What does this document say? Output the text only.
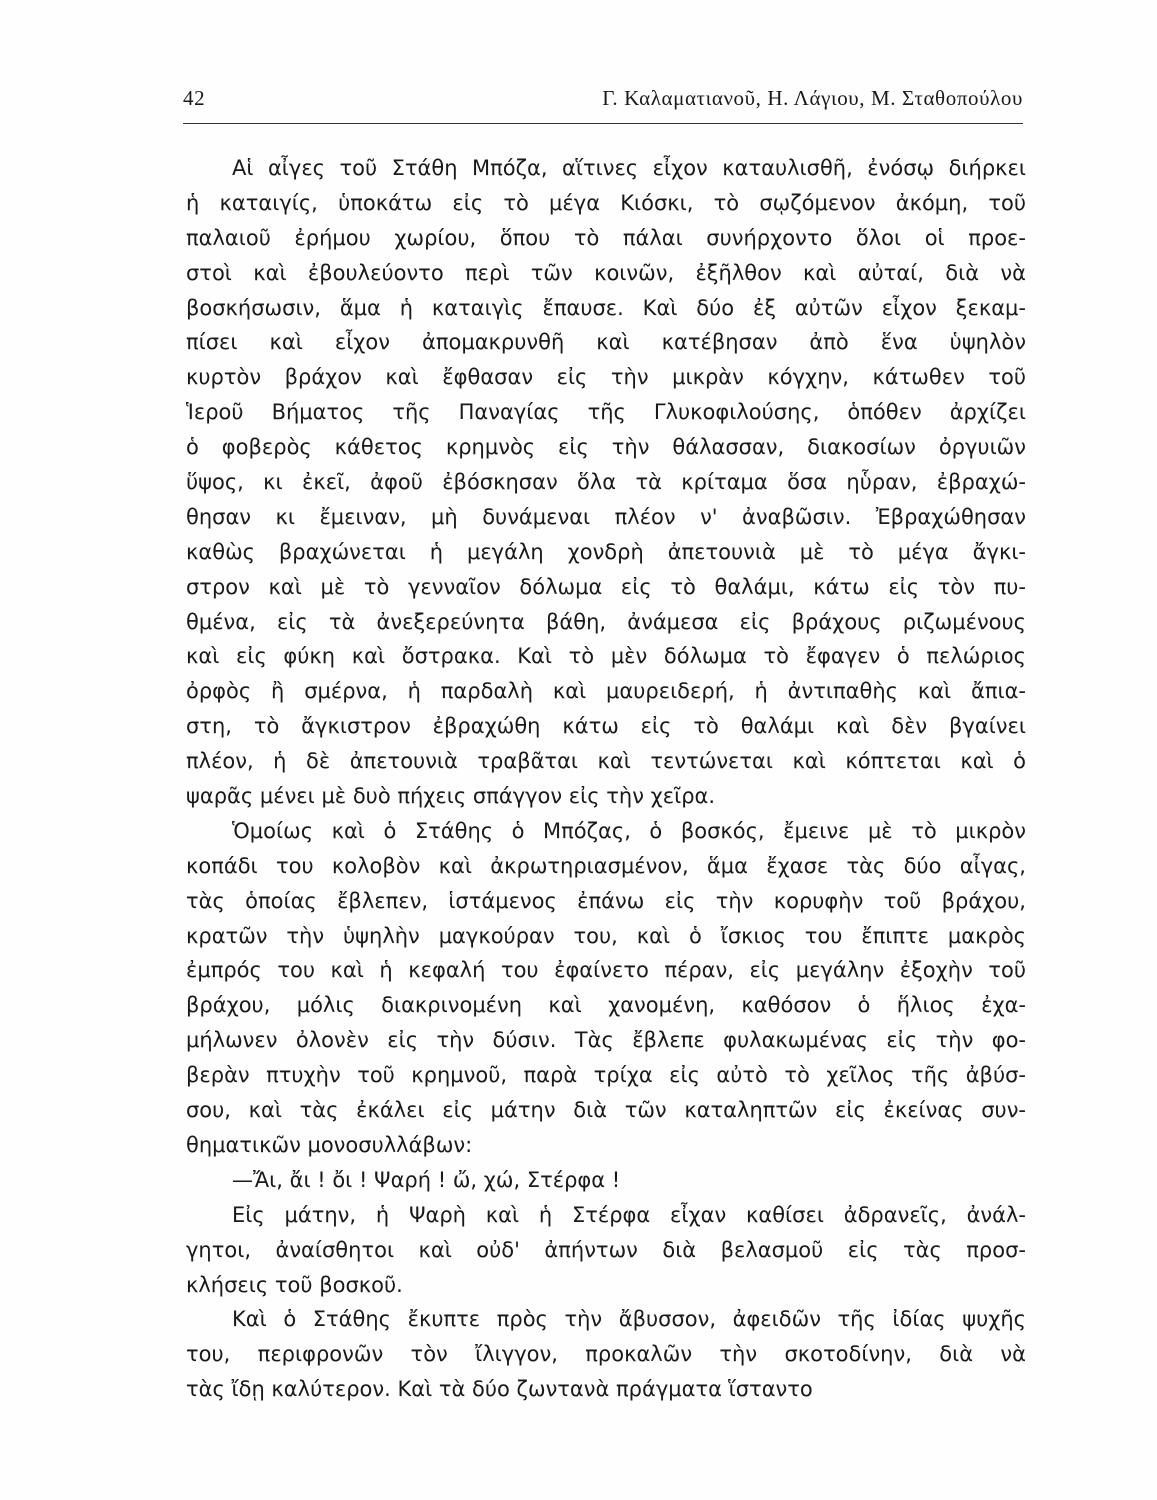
42	Γ. Καλαματιανοῦ, Η. Λάγιου, Μ. Σταθοπούλου
Αἱ αἶγες τοῦ Στάθη Μπόζα, αἵτινες εἶχον καταυλισθῆ, ἐνόσῳ διήρκει
ἡ καταιγίς, ὑποκάτω εἰς τὸ μέγα Κιόσκι, τὸ σῳζόμενον ἀκόμη, τοῦ
παλαιοῦ ἐρήμου χωρίου, ὅπου τὸ πάλαι συνήρχοντο ὅλοι οἱ προε-
στοὶ καὶ ἐβουλεύοντο περὶ τῶν κοινῶν, ἐξῆλθον καὶ αὐταί, διὰ νὰ
βοσκήσωσιν, ἅμα ἡ καταιγὶς ἔπαυσε. Καὶ δύο ἐξ αὐτῶν εἶχον ξεκαμ-
πίσει καὶ εἶχον ἀπομακρυνθῆ καὶ κατέβησαν ἀπὸ ἕνα ὑψηλὸν
κυρτὸν βράχον καὶ ἔφθασαν εἰς τὴν μικρὰν κόγχην, κάτωθεν τοῦ
Ἱεροῦ Βήματος τῆς Παναγίας τῆς Γλυκοφιλούσης, ὁπόθεν ἀρχίζει
ὁ φοβερὸς κάθετος κρημνὸς εἰς τὴν θάλασσαν, διακοσίων ὀργυιῶν
ὕψος, κι ἐκεῖ, ἀφοῦ ἐβόσκησαν ὅλα τὰ κρίταμα ὅσα ηὗραν, ἐβραχώ-
θησαν κι ἔμειναν, μὴ δυνάμεναι πλέον ν' ἀναβῶσιν. Ἐβραχώθησαν
καθὼς βραχώνεται ἡ μεγάλη χονδρὴ ἀπετουνιὰ μὲ τὸ μέγα ἄγκι-
στρον καὶ μὲ τὸ γενναῖον δόλωμα εἰς τὸ θαλάμι, κάτω εἰς τὸν πυ-
θμένα, εἰς τὰ ἀνεξερεύνητα βάθη, ἀνάμεσα εἰς βράχους ριζωμένους
καὶ εἰς φύκη καὶ ὄστρακα. Καὶ τὸ μὲν δόλωμα τὸ ἔφαγεν ὁ πελώριος
ὀρφὸς ἢ σμέρνα, ἡ παρδαλὴ καὶ μαυρειδερή, ἡ ἀντιπαθὴς καὶ ἄπια-
στη, τὸ ἄγκιστρον ἐβραχώθη κάτω εἰς τὸ θαλάμι καὶ δὲν βγαίνει
πλέον, ἡ δὲ ἀπετουνιὰ τραβᾶται καὶ τεντώνεται καὶ κόπτεται καὶ ὁ
ψαρᾶς μένει μὲ δυὸ πήχεις σπάγγον εἰς τὴν χεῖρα.
Ὁμοίως καὶ ὁ Στάθης ὁ Μπόζας, ὁ βοσκός, ἔμεινε μὲ τὸ μικρὸν
κοπάδι του κολοβὸν καὶ ἀκρωτηριασμένον, ἅμα ἔχασε τὰς δύο αἶγας,
τὰς ὁποίας ἔβλεπεν, ἱστάμενος ἐπάνω εἰς τὴν κορυφὴν τοῦ βράχου,
κρατῶν τὴν ὑψηλὴν μαγκούραν του, καὶ ὁ ἴσκιος του ἔπιπτε μακρὸς
ἐμπρός του καὶ ἡ κεφαλή του ἐφαίνετο πέραν, εἰς μεγάλην ἐξοχὴν τοῦ
βράχου, μόλις διακρινομένη καὶ χανομένη, καθόσον ὁ ἥλιος ἐχα-
μήλωνεν ὀλονὲν εἰς τὴν δύσιν. Τὰς ἔβλεπε φυλακωμένας εἰς τὴν φο-
βερὰν πτυχὴν τοῦ κρημνοῦ, παρὰ τρίχα εἰς αὐτὸ τὸ χεῖλος τῆς ἀβύσ-
σου, καὶ τὰς ἐκάλει εἰς μάτην διὰ τῶν καταληπτῶν εἰς ἐκείνας συν-
θηματικῶν μονοσυλλάβων:
—Ἄι, ἄι ! ὄι ! Ψαρή ! ὤ, χώ, Στέρφα !
Εἰς μάτην, ἡ Ψαρὴ καὶ ἡ Στέρφα εἶχαν καθίσει ἀδρανεῖς, ἀνάλ-
γητοι, ἀναίσθητοι καὶ οὐδ' ἀπήντων διὰ βελασμοῦ εἰς τὰς προσ-
κλήσεις τοῦ βοσκοῦ.
Καὶ ὁ Στάθης ἔκυπτε πρὸς τὴν ἄβυσσον, ἀφειδῶν τῆς ἰδίας ψυχῆς
του, περιφρονῶν τὸν ἴλιγγον, προκαλῶν τὴν σκοτοδίνην, διὰ νὰ
τὰς ἴδῃ καλύτερον. Καὶ τὰ δύο ζωντανὰ πράγματα ἵσταντο
